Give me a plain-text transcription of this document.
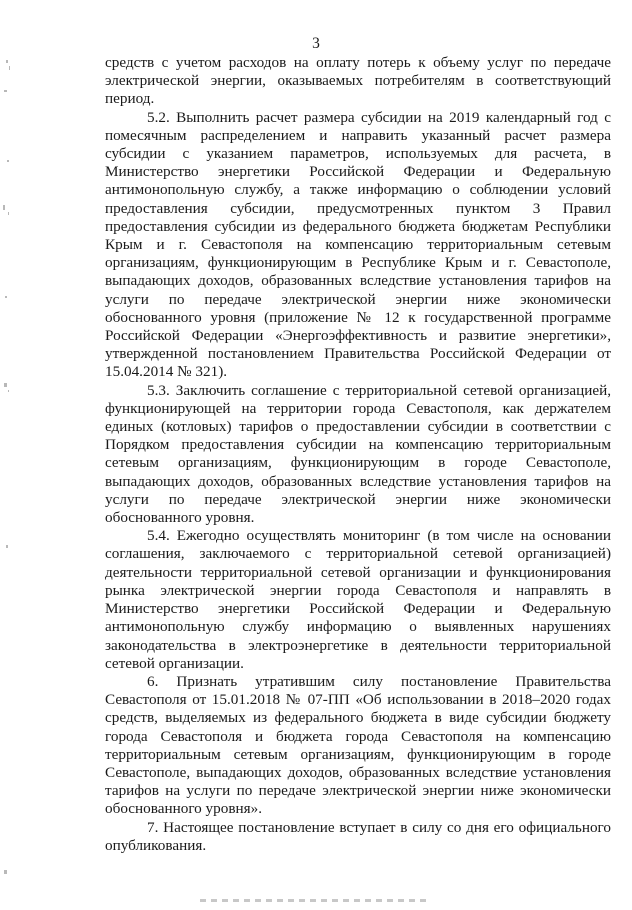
3

средств с учетом расходов на оплату потерь к объему услуг по передаче электрической энергии, оказываемых потребителям в соответствующий период.

5.2. Выполнить расчет размера субсидии на 2019 календарный год с помесячным распределением и направить указанный расчет размера субсидии с указанием параметров, используемых для расчета, в Министерство энергетики Российской Федерации и Федеральную антимонопольную службу, а также информацию о соблюдении условий предоставления субсидии, предусмотренных пунктом 3 Правил предоставления субсидии из федерального бюджета бюджетам Республики Крым и г. Севастополя на компенсацию территориальным сетевым организациям, функционирующим в Республике Крым и г. Севастополе, выпадающих доходов, образованных вследствие установления тарифов на услуги по передаче электрической энергии ниже экономически обоснованного уровня (приложение № 12 к государственной программе Российской Федерации «Энергоэффективность и развитие энергетики», утвержденной постановлением Правительства Российской Федерации от 15.04.2014 № 321).

5.3. Заключить соглашение с территориальной сетевой организацией, функционирующей на территории города Севастополя, как держателем единых (котловых) тарифов о предоставлении субсидии в соответствии с Порядком предоставления субсидии на компенсацию территориальным сетевым организациям, функционирующим в городе Севастополе, выпадающих доходов, образованных вследствие установления тарифов на услуги по передаче электрической энергии ниже экономически обоснованного уровня.

5.4. Ежегодно осуществлять мониторинг (в том числе на основании соглашения, заключаемого с территориальной сетевой организацией) деятельности территориальной сетевой организации и функционирования рынка электрической энергии города Севастополя и направлять в Министерство энергетики Российской Федерации и Федеральную антимонопольную службу информацию о выявленных нарушениях законодательства в электроэнергетике в деятельности территориальной сетевой организации.

6. Признать утратившим силу постановление Правительства Севастополя от 15.01.2018 № 07-ПП «Об использовании в 2018–2020 годах средств, выделяемых из федерального бюджета в виде субсидии бюджету города Севастополя и бюджета города Севастополя на компенсацию территориальным сетевым организациям, функционирующим в городе Севастополе, выпадающих доходов, образованных вследствие установления тарифов на услуги по передаче электрической энергии ниже экономически обоснованного уровня».

7. Настоящее постановление вступает в силу со дня его официального опубликования.
